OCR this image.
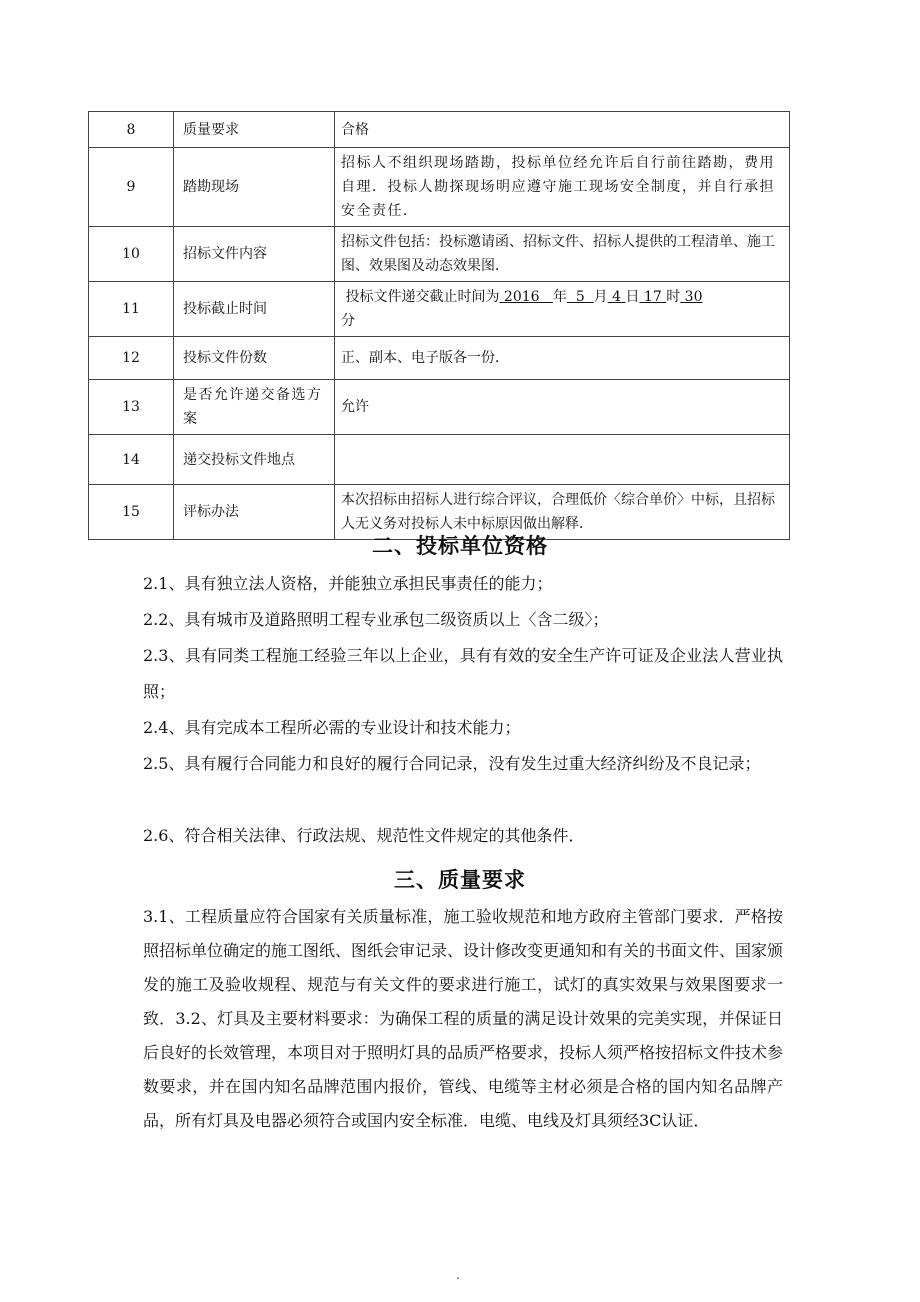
8	质量要求	合格
9	踏勘现场	招标人不组织现场踏勘，投标单位经允许后自行前往踏勘，费用自理．投标人勘探现场明应遵守施工现场安全制度，并自行承担安全责任．
10	招标文件内容	招标文件包括：投标邀请函、招标文件、招标人提供的工程清单、施工图、效果图及动态效果图．
11	投标截止时间	投标文件递交截止时间为 2016 年 5 月 4 日 17 时 30
分
12	投标文件份数	正、副本、电子版各一份．
13	是否允许递交备选方案	允许
14	递交投标文件地点	
15	评标办法	本次招标由招标人进行综合评议，合理低价〈综合单价〉中标，且招标人无义务对投标人未中标原因做出解释．
二、投标单位资格

2.1、具有独立法人资格，并能独立承担民事责任的能力；

2.2、具有城市及道路照明工程专业承包二级资质以上〈含二级〉；

2.3、具有同类工程施工经验三年以上企业，具有有效的安全生产许可证及企业法人营业执照；

2.4、具有完成本工程所必需的专业设计和技术能力；

2.5、具有履行合同能力和良好的履行合同记录，没有发生过重大经济纠纷及不良记录；

2.6、符合相关法律、行政法规、规范性文件规定的其他条件．

三、质量要求

3.1、工程质量应符合国家有关质量标准，施工验收规范和地方政府主管部门要求．严格按照招标单位确定的施工图纸、图纸会审记录、设计修改变更通知和有关的书面文件、国家颁发的施工及验收规程、规范与有关文件的要求进行施工，试灯的真实效果与效果图要求一致．3.2、灯具及主要材料要求：为确保工程的质量的满足设计效果的完美实现，并保证日后良好的长效管理，本项目对于照明灯具的品质严格要求，投标人须严格按招标文件技术参数要求，并在国内知名品牌范围内报价，管线、电缆等主材必须是合格的国内知名品牌产品，所有灯具及电器必须符合或国内安全标准．电缆、电线及灯具须经3C认证．

.
